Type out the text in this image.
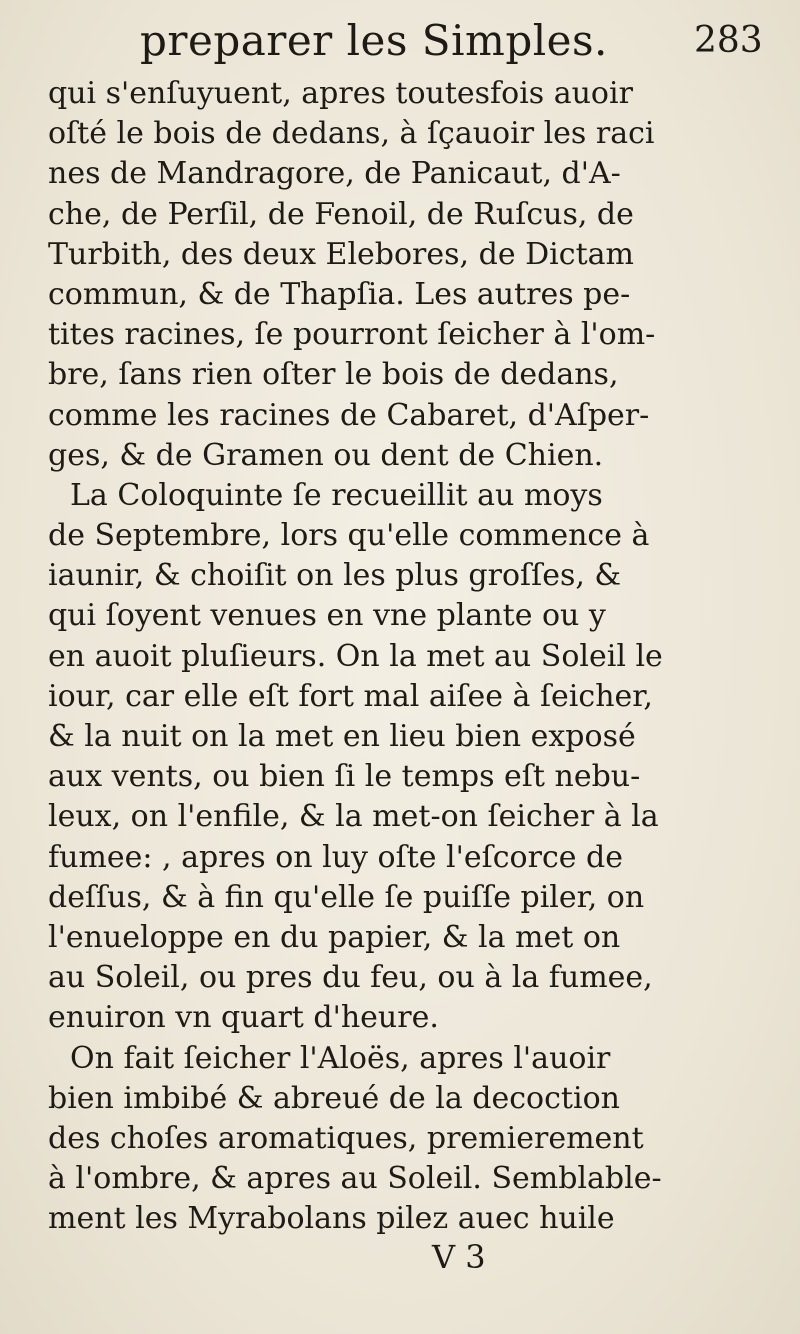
preparer les Simples. 283
qui s'enſuyuent, apres toutesfois auoir
oſté le bois de dedans, à ſçauoir les raci
nes de Mandragore, de Panicaut, d'A-
che, de Perſil, de Fenoil, de Ruſcus, de
Turbith, des deux Elebores, de Dictam
commun, & de Thapſia. Les autres pe-
tites racines, ſe pourront ſeicher à l'om-
bre, ſans rien oſter le bois de dedans,
comme les racines de Cabaret, d'Aſper-
ges, & de Gramen ou dent de Chien.
La Coloquinte ſe recueillit au moys
de Septembre, lors qu'elle commence à
iaunir, & choiſit on les plus groſſes, &
qui ſoyent venues en vne plante ou y
en auoit pluſieurs. On la met au Soleil le
iour, car elle eſt fort mal aiſee à ſeicher,
& la nuit on la met en lieu bien exposé
aux vents, ou bien ſi le temps eſt nebu-
leux, on l'enfile, & la met-on ſeicher à la
fumee: , apres on luy oſte l'eſcorce de
deſſus, & à fin qu'elle ſe puiſſe piler, on
l'enueloppe en du papier, & la met on
au Soleil, ou pres du feu, ou à la fumee,
enuiron vn quart d'heure.
On fait ſeicher l'Aloës, apres l'auoir
bien imbibé & abreué de la decoction
des choſes aromatiques, premierement
à l'ombre, & apres au Soleil. Semblable-
ment les Myrabolans pilez auec huile
V 3
